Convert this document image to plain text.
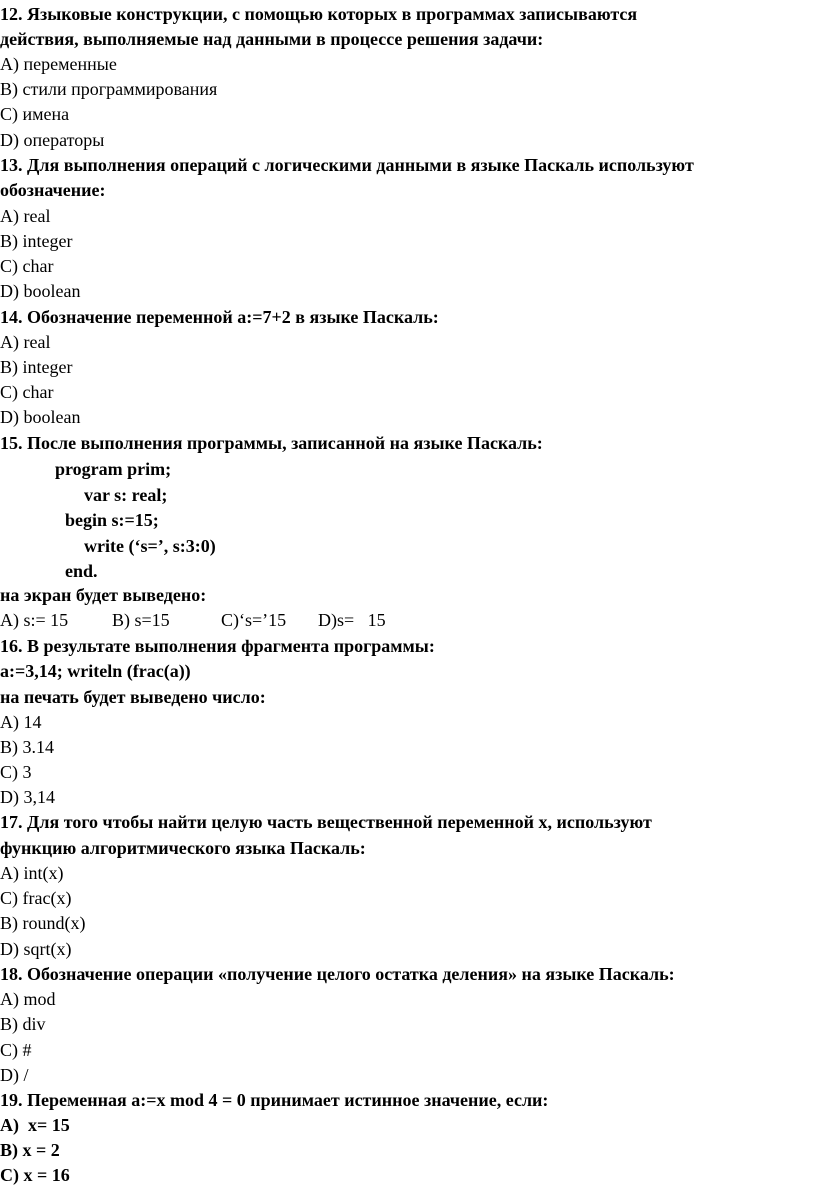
12. Языковые конструкции, с помощью которых в программах записываются
действия, выполняемые над данными в процессе решения задачи:
A) переменные
B) стили программирования
C) имена
D) операторы
13. Для выполнения операций с логическими данными в языке Паскаль используют
обозначение:
A) real
B) integer
C) char
D) boolean
14. Обозначение переменной а:=7+2 в языке Паскаль:
A) real
B) integer
C) char
D) boolean
15. После выполнения программы, записанной на языке Паскаль:
program prim;
var s: real;
begin s:=15;
write (‘s=’, s:3:0)
end.
на экран будет выведено:
A) s:= 15 B) s=15	C)‘s=’15 D)s=   15
16. В результате выполнения фрагмента программы:
a:=3,14; writeln (frac(a))
на печать будет выведено число:
A) 14
B) 3.14
C) 3
D) 3,14
17. Для того чтобы найти целую часть вещественной переменной х, используют
функцию алгоритмического языка Паскаль:
A) int(x)
C) frac(x)
B) round(x)
D) sqrt(x)
18. Обозначение операции «получение целого остатка деления» на языке Паскаль:
A) mod
B) div
C) #
D) /
19. Переменная а:=x mod 4 = 0 принимает истинное значение, если:
A)  x= 15
B) x = 2
C) x = 16
